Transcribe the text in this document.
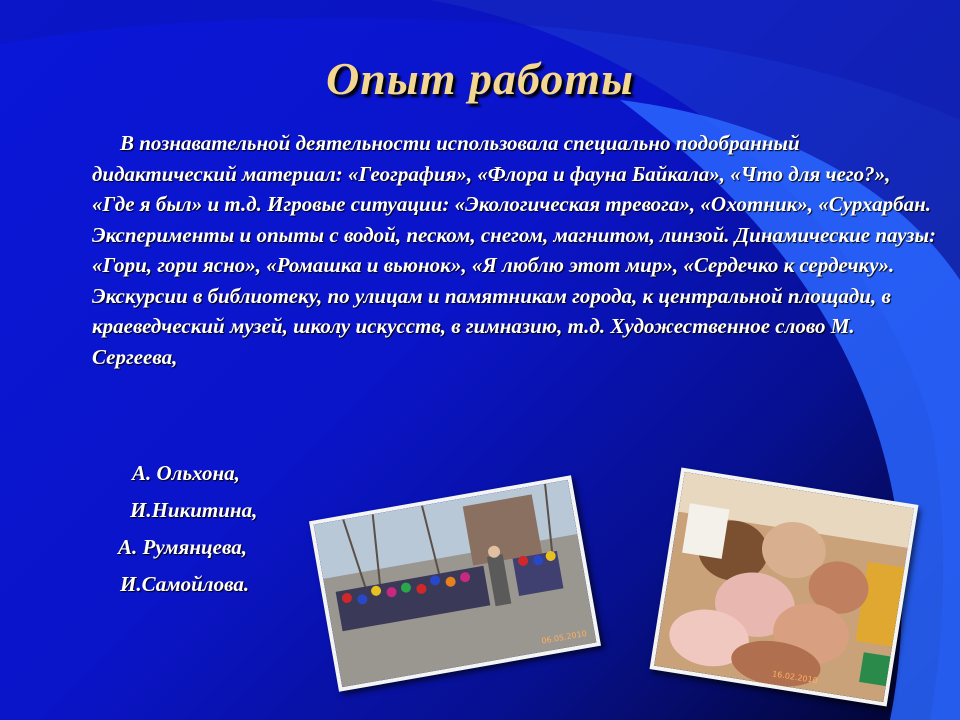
Опыт работы

В познавательной деятельности использовала специально подобранный дидактический материал: «География», «Флора и фауна Байкала», «Что для чего?», «Где я был» и т.д. Игровые ситуации: «Экологическая тревога», «Охотник», «Сурхарбан. Эксперименты и опыты с водой, песком, снегом, магнитом, линзой. Динамические паузы: «Гори, гори ясно», «Ромашка и вьюнок», «Я люблю этот мир», «Сердечко к сердечку». Экскурсии в библиотеку, по улицам и памятникам города, к центральной площади, в краеведческий музей, школу искусств, в гимназию, т.д. Художественное слово М. Сергеева,

А. Ольхона,
И.Никитина,
А. Румянцева,
И.Самойлова.
06.05.2010
16.02.2010
